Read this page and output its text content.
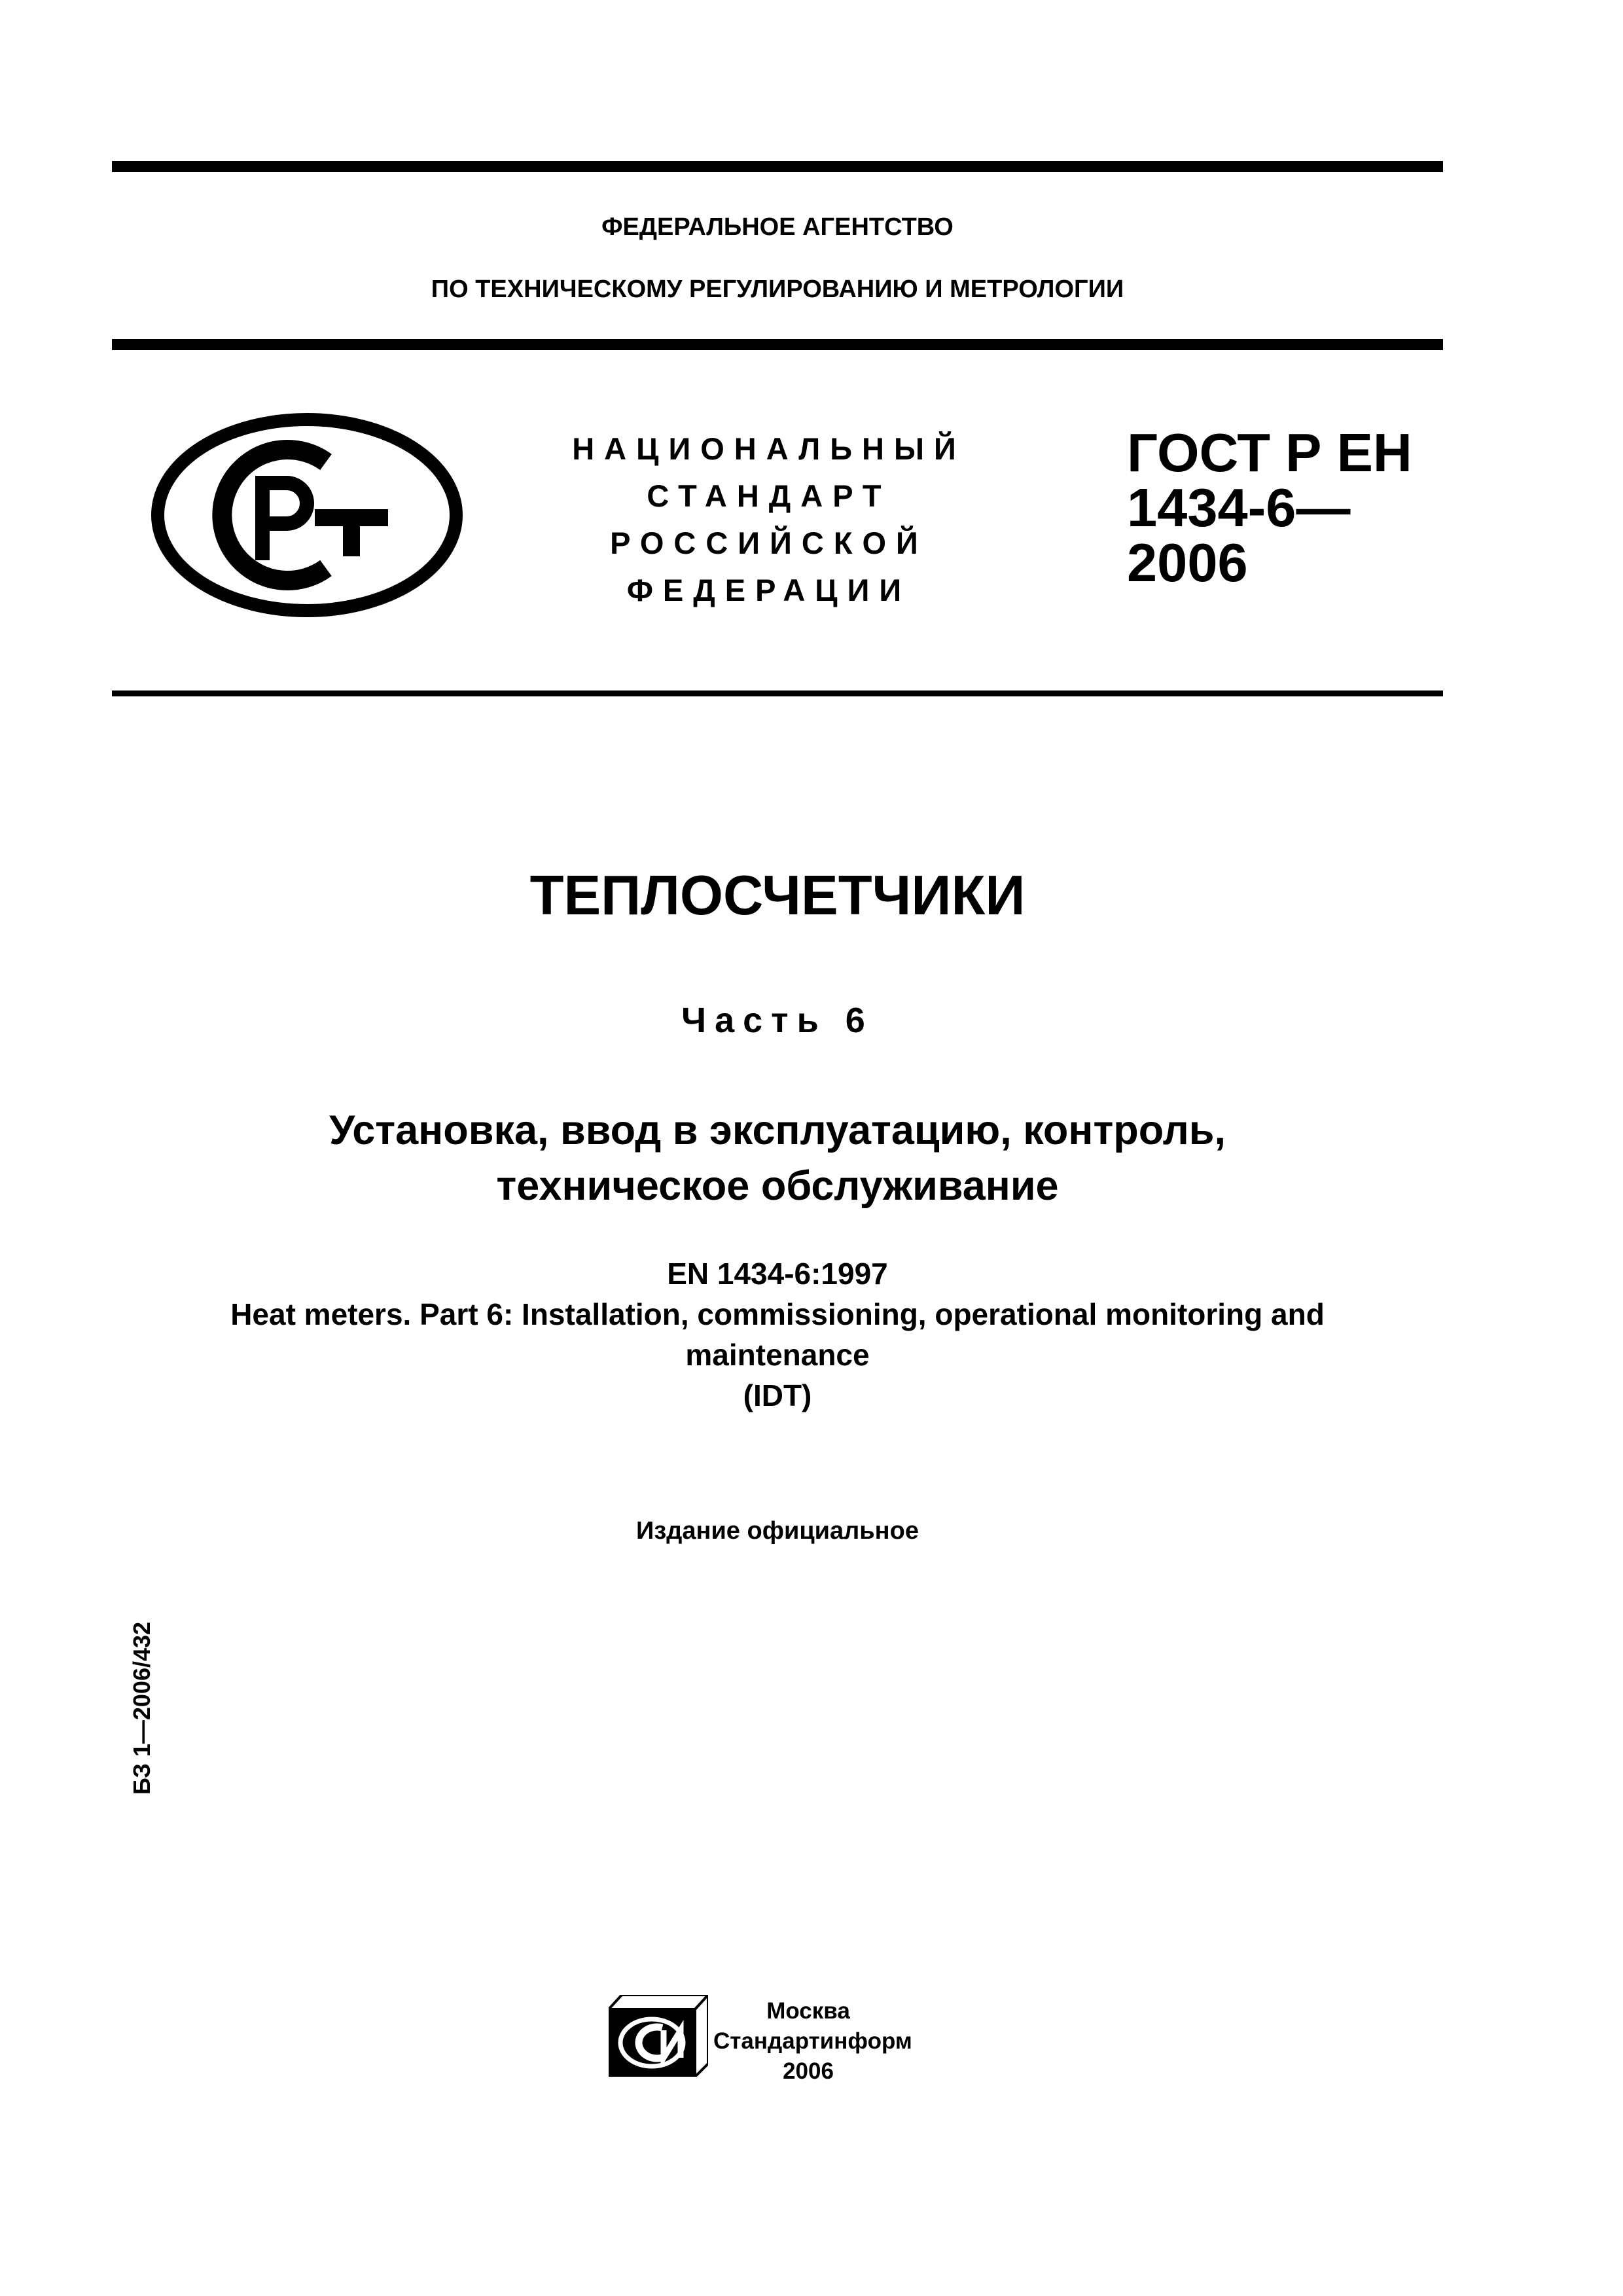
ФЕДЕРАЛЬНОЕ АГЕНТСТВО
ПО ТЕХНИЧЕСКОМУ РЕГУЛИРОВАНИЮ И МЕТРОЛОГИИ
НАЦИОНАЛЬНЫЙ
СТАНДАРТ
РОССИЙСКОЙ
ФЕДЕРАЦИИ
ГОСТ Р ЕН
1434-6—
2006
ТЕПЛОСЧЕТЧИКИ
Часть 6
Установка, ввод в эксплуатацию, контроль,
техническое обслуживание
EN 1434-6:1997
Heat meters. Part 6: Installation, commissioning, operational monitoring and
maintenance
(IDT)
Издание официальное
БЗ 1—2006/432
Москва
Стандартинформ
2006
